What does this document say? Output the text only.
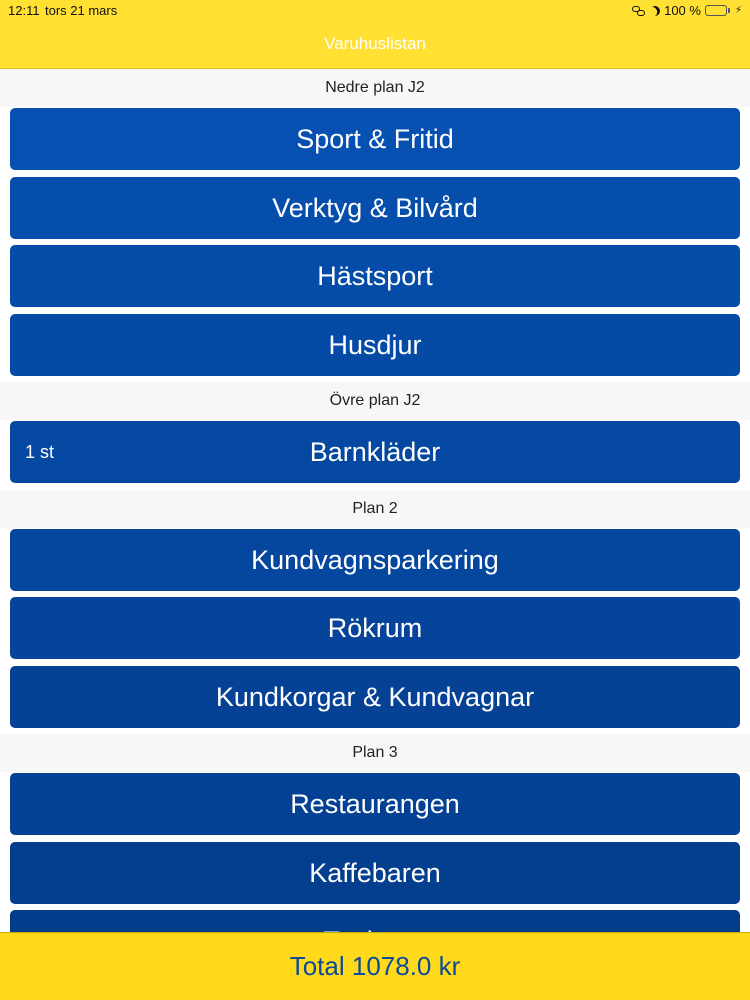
12:11 tors 21 mars	100 %	⚡
Varuhuslistan
Nedre plan J2
Sport & Fritid
Verktyg & Bilvård
Hästsport
Husdjur
Övre plan J2
Barnkläder
1 st
Plan 2
Kundvagnsparkering
Rökrum
Kundkorgar & Kundvagnar
Plan 3
Restaurangen
Kaffebaren
Total 1078.0 kr
